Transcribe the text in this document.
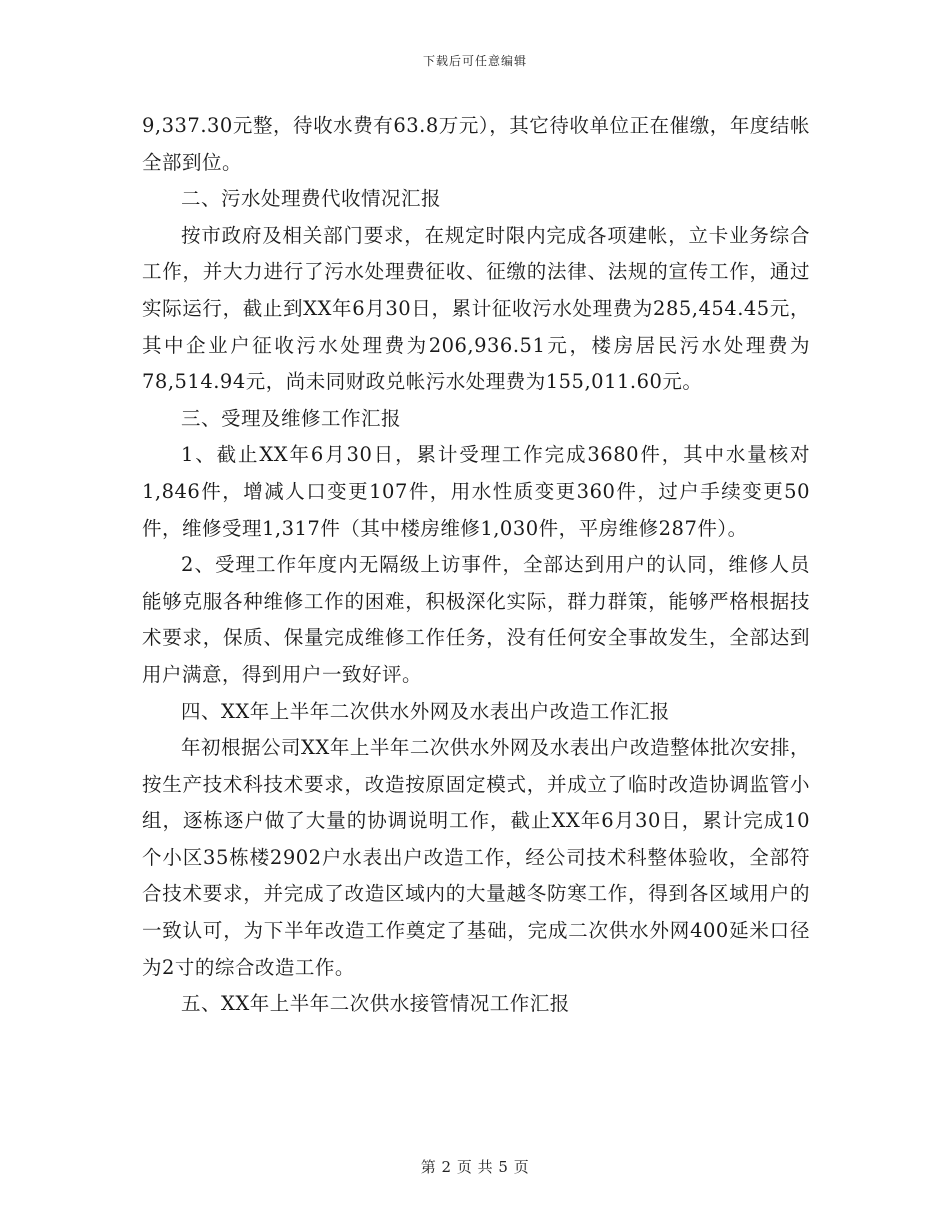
下载后可任意编辑

9,337.30元整，待收水费有63.8万元），其它待收单位正在催缴，年度结帐全部到位。

二、污水处理费代收情况汇报

按市政府及相关部门要求，在规定时限内完成各项建帐，立卡业务综合工作，并大力进行了污水处理费征收、征缴的法律、法规的宣传工作，通过实际运行，截止到XX年6月30日，累计征收污水处理费为285,454.45元，其中企业户征收污水处理费为206,936.51元，楼房居民污水处理费为78,514.94元，尚未同财政兑帐污水处理费为155,011.60元。

三、受理及维修工作汇报

1、截止XX年6月30日，累计受理工作完成3680件，其中水量核对1,846件，增减人口变更107件，用水性质变更360件，过户手续变更50件，维修受理1,317件（其中楼房维修1,030件，平房维修287件）。

2、受理工作年度内无隔级上访事件，全部达到用户的认同，维修人员能够克服各种维修工作的困难，积极深化实际，群力群策，能够严格根据技术要求，保质、保量完成维修工作任务，没有任何安全事故发生，全部达到用户满意，得到用户一致好评。

四、XX年上半年二次供水外网及水表出户改造工作汇报

年初根据公司XX年上半年二次供水外网及水表出户改造整体批次安排，按生产技术科技术要求，改造按原固定模式，并成立了临时改造协调监管小组，逐栋逐户做了大量的协调说明工作，截止XX年6月30日，累计完成10个小区35栋楼2902户水表出户改造工作，经公司技术科整体验收，全部符合技术要求，并完成了改造区域内的大量越冬防寒工作，得到各区域用户的一致认可，为下半年改造工作奠定了基础，完成二次供水外网400延米口径为2寸的综合改造工作。

五、XX年上半年二次供水接管情况工作汇报

第 2 页 共 5 页
